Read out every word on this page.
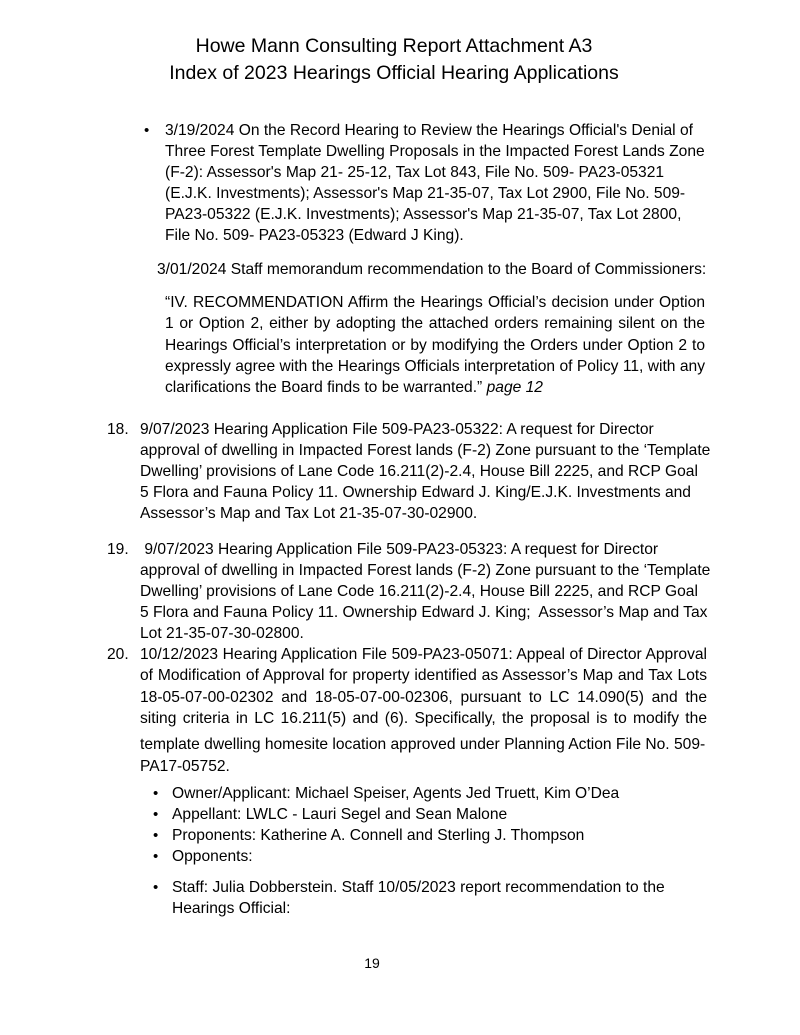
Howe Mann Consulting Report Attachment A3
Index of 2023 Hearings Official Hearing Applications
• 3/19/2024 On the Record Hearing to Review the Hearings Official's Denial of
Three Forest Template Dwelling Proposals in the Impacted Forest Lands Zone
(F-2): Assessor's Map 21- 25-12, Tax Lot 843, File No. 509- PA23-05321
(E.J.K. Investments); Assessor's Map 21-35-07, Tax Lot 2900, File No. 509-
PA23-05322 (E.J.K. Investments); Assessor's Map 21-35-07, Tax Lot 2800,
File No. 509- PA23-05323 (Edward J King).
3/01/2024 Staff memorandum recommendation to the Board of Commissioners:
“IV. RECOMMENDATION Affirm the Hearings Official’s decision under Option
1 or Option 2, either by adopting the attached orders remaining silent on the
Hearings Official’s interpretation or by modifying the Orders under Option 2 to
expressly agree with the Hearings Officials interpretation of Policy 11, with any
clarifications the Board finds to be warranted.” page 12
18. 9/07/2023 Hearing Application File 509-PA23-05322: A request for Director
approval of dwelling in Impacted Forest lands (F-2) Zone pursuant to the ‘Template
Dwelling’ provisions of Lane Code 16.211(2)-2.4, House Bill 2225, and RCP Goal
5 Flora and Fauna Policy 11. Ownership Edward J. King/E.J.K. Investments and
Assessor’s Map and Tax Lot 21-35-07-30-02900.
19. 9/07/2023 Hearing Application File 509-PA23-05323: A request for Director
approval of dwelling in Impacted Forest lands (F-2) Zone pursuant to the ‘Template
Dwelling’ provisions of Lane Code 16.211(2)-2.4, House Bill 2225, and RCP Goal
5 Flora and Fauna Policy 11. Ownership Edward J. King;  Assessor’s Map and Tax
Lot 21-35-07-30-02800.
20. 10/12/2023 Hearing Application File 509-PA23-05071: Appeal of Director Approval
of Modification of Approval for property identified as Assessor’s Map and Tax Lots
18-05-07-00-02302 and 18-05-07-00-02306, pursuant to LC 14.090(5) and the
siting criteria in LC 16.211(5) and (6). Specifically, the proposal is to modify the
template dwelling homesite location approved under Planning Action File No. 509-
PA17-05752.
• Owner/Applicant: Michael Speiser, Agents Jed Truett, Kim O’Dea
• Appellant: LWLC - Lauri Segel and Sean Malone
• Proponents: Katherine A. Connell and Sterling J. Thompson
• Opponents:
• Staff: Julia Dobberstein. Staff 10/05/2023 report recommendation to the
Hearings Official:
19
